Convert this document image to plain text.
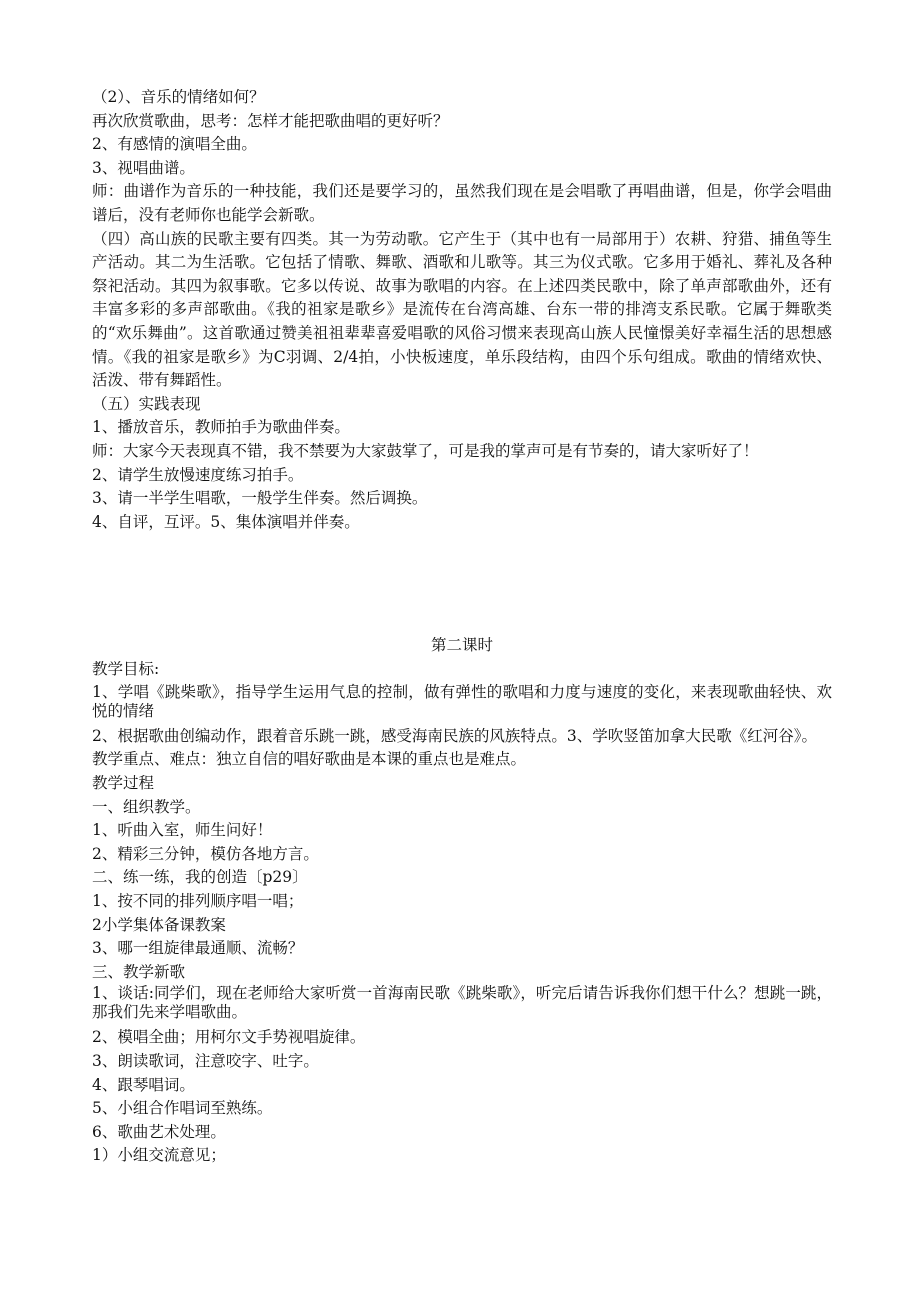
（2）、音乐的情绪如何？
再次欣赏歌曲，思考：怎样才能把歌曲唱的更好听？
2、有感情的演唱全曲。
3、视唱曲谱。
师：曲谱作为音乐的一种技能，我们还是要学习的，虽然我们现在是会唱歌了再唱曲谱，但是，你学会唱曲谱后，没有老师你也能学会新歌。
（四）高山族的民歌主要有四类。其一为劳动歌。它产生于（其中也有一局部用于）农耕、狩猎、捕鱼等生产活动。其二为生活歌。它包括了情歌、舞歌、酒歌和儿歌等。其三为仪式歌。它多用于婚礼、葬礼及各种祭祀活动。其四为叙事歌。它多以传说、故事为歌唱的内容。在上述四类民歌中，除了单声部歌曲外，还有丰富多彩的多声部歌曲。《我的祖家是歌乡》是流传在台湾高雄、台东一带的排湾支系民歌。它属于舞歌类的“欢乐舞曲”。这首歌通过赞美祖祖辈辈喜爱唱歌的风俗习惯来表现高山族人民憧憬美好幸福生活的思想感情。《我的祖家是歌乡》为C羽调、2/4拍，小快板速度，单乐段结构，由四个乐句组成。歌曲的情绪欢快、活泼、带有舞蹈性。
（五）实践表现
1、播放音乐，教师拍手为歌曲伴奏。
师：大家今天表现真不错，我不禁要为大家鼓掌了，可是我的掌声可是有节奏的，请大家听好了！
2、请学生放慢速度练习拍手。
3、请一半学生唱歌，一般学生伴奏。然后调换。
4、自评，互评。5、集体演唱并伴奏。
第二课时
教学目标:
1、学唱《跳柴歌》，指导学生运用气息的控制，做有弹性的歌唱和力度与速度的变化，来表现歌曲轻快、欢悦的情绪
2、根据歌曲创编动作，跟着音乐跳一跳，感受海南民族的风族特点。3、学吹竖笛加拿大民歌《红河谷》。
教学重点、难点：独立自信的唱好歌曲是本课的重点也是难点。
教学过程
一、组织教学。
1、听曲入室，师生问好！
2、精彩三分钟，模仿各地方言。
二、练一练，我的创造〔p29〕
1、按不同的排列顺序唱一唱；
2小学集体备课教案
3、哪一组旋律最通顺、流畅？
三、教学新歌
1、谈话:同学们，现在老师给大家听赏一首海南民歌《跳柴歌》，听完后请告诉我你们想干什么？想跳一跳，那我们先来学唱歌曲。
2、模唱全曲；用柯尔文手势视唱旋律。
3、朗读歌词，注意咬字、吐字。
4、跟琴唱词。
5、小组合作唱词至熟练。
6、歌曲艺术处理。
1）小组交流意见；
